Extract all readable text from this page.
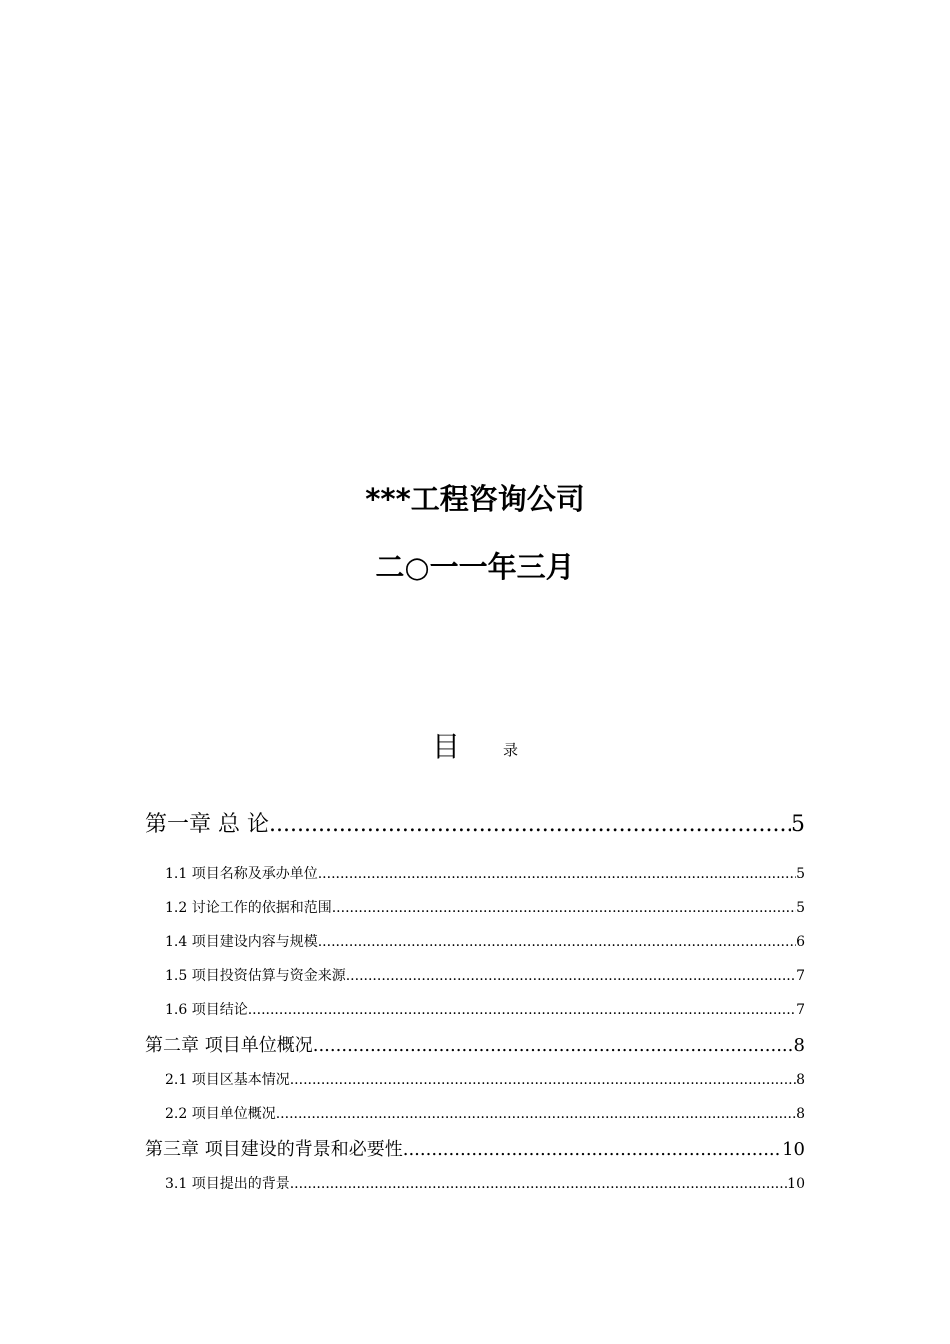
***工程咨询公司
二○一一年三月
目	录
第一章 总 论 .....	5
1.1 项目名称及承办单位 .....	5
1.2 讨论工作的依据和范围 .....	5
1.4 项目建设内容与规模 .....	6
1.5 项目投资估算与资金来源 .....	7
1.6 项目结论 .....	7
第二章 项目单位概况 .....	8
2.1 项目区基本情况 .....	8
2.2 项目单位概况 .....	8
第三章 项目建设的背景和必要性 .....	10
3.1 项目提出的背景 .....	10
